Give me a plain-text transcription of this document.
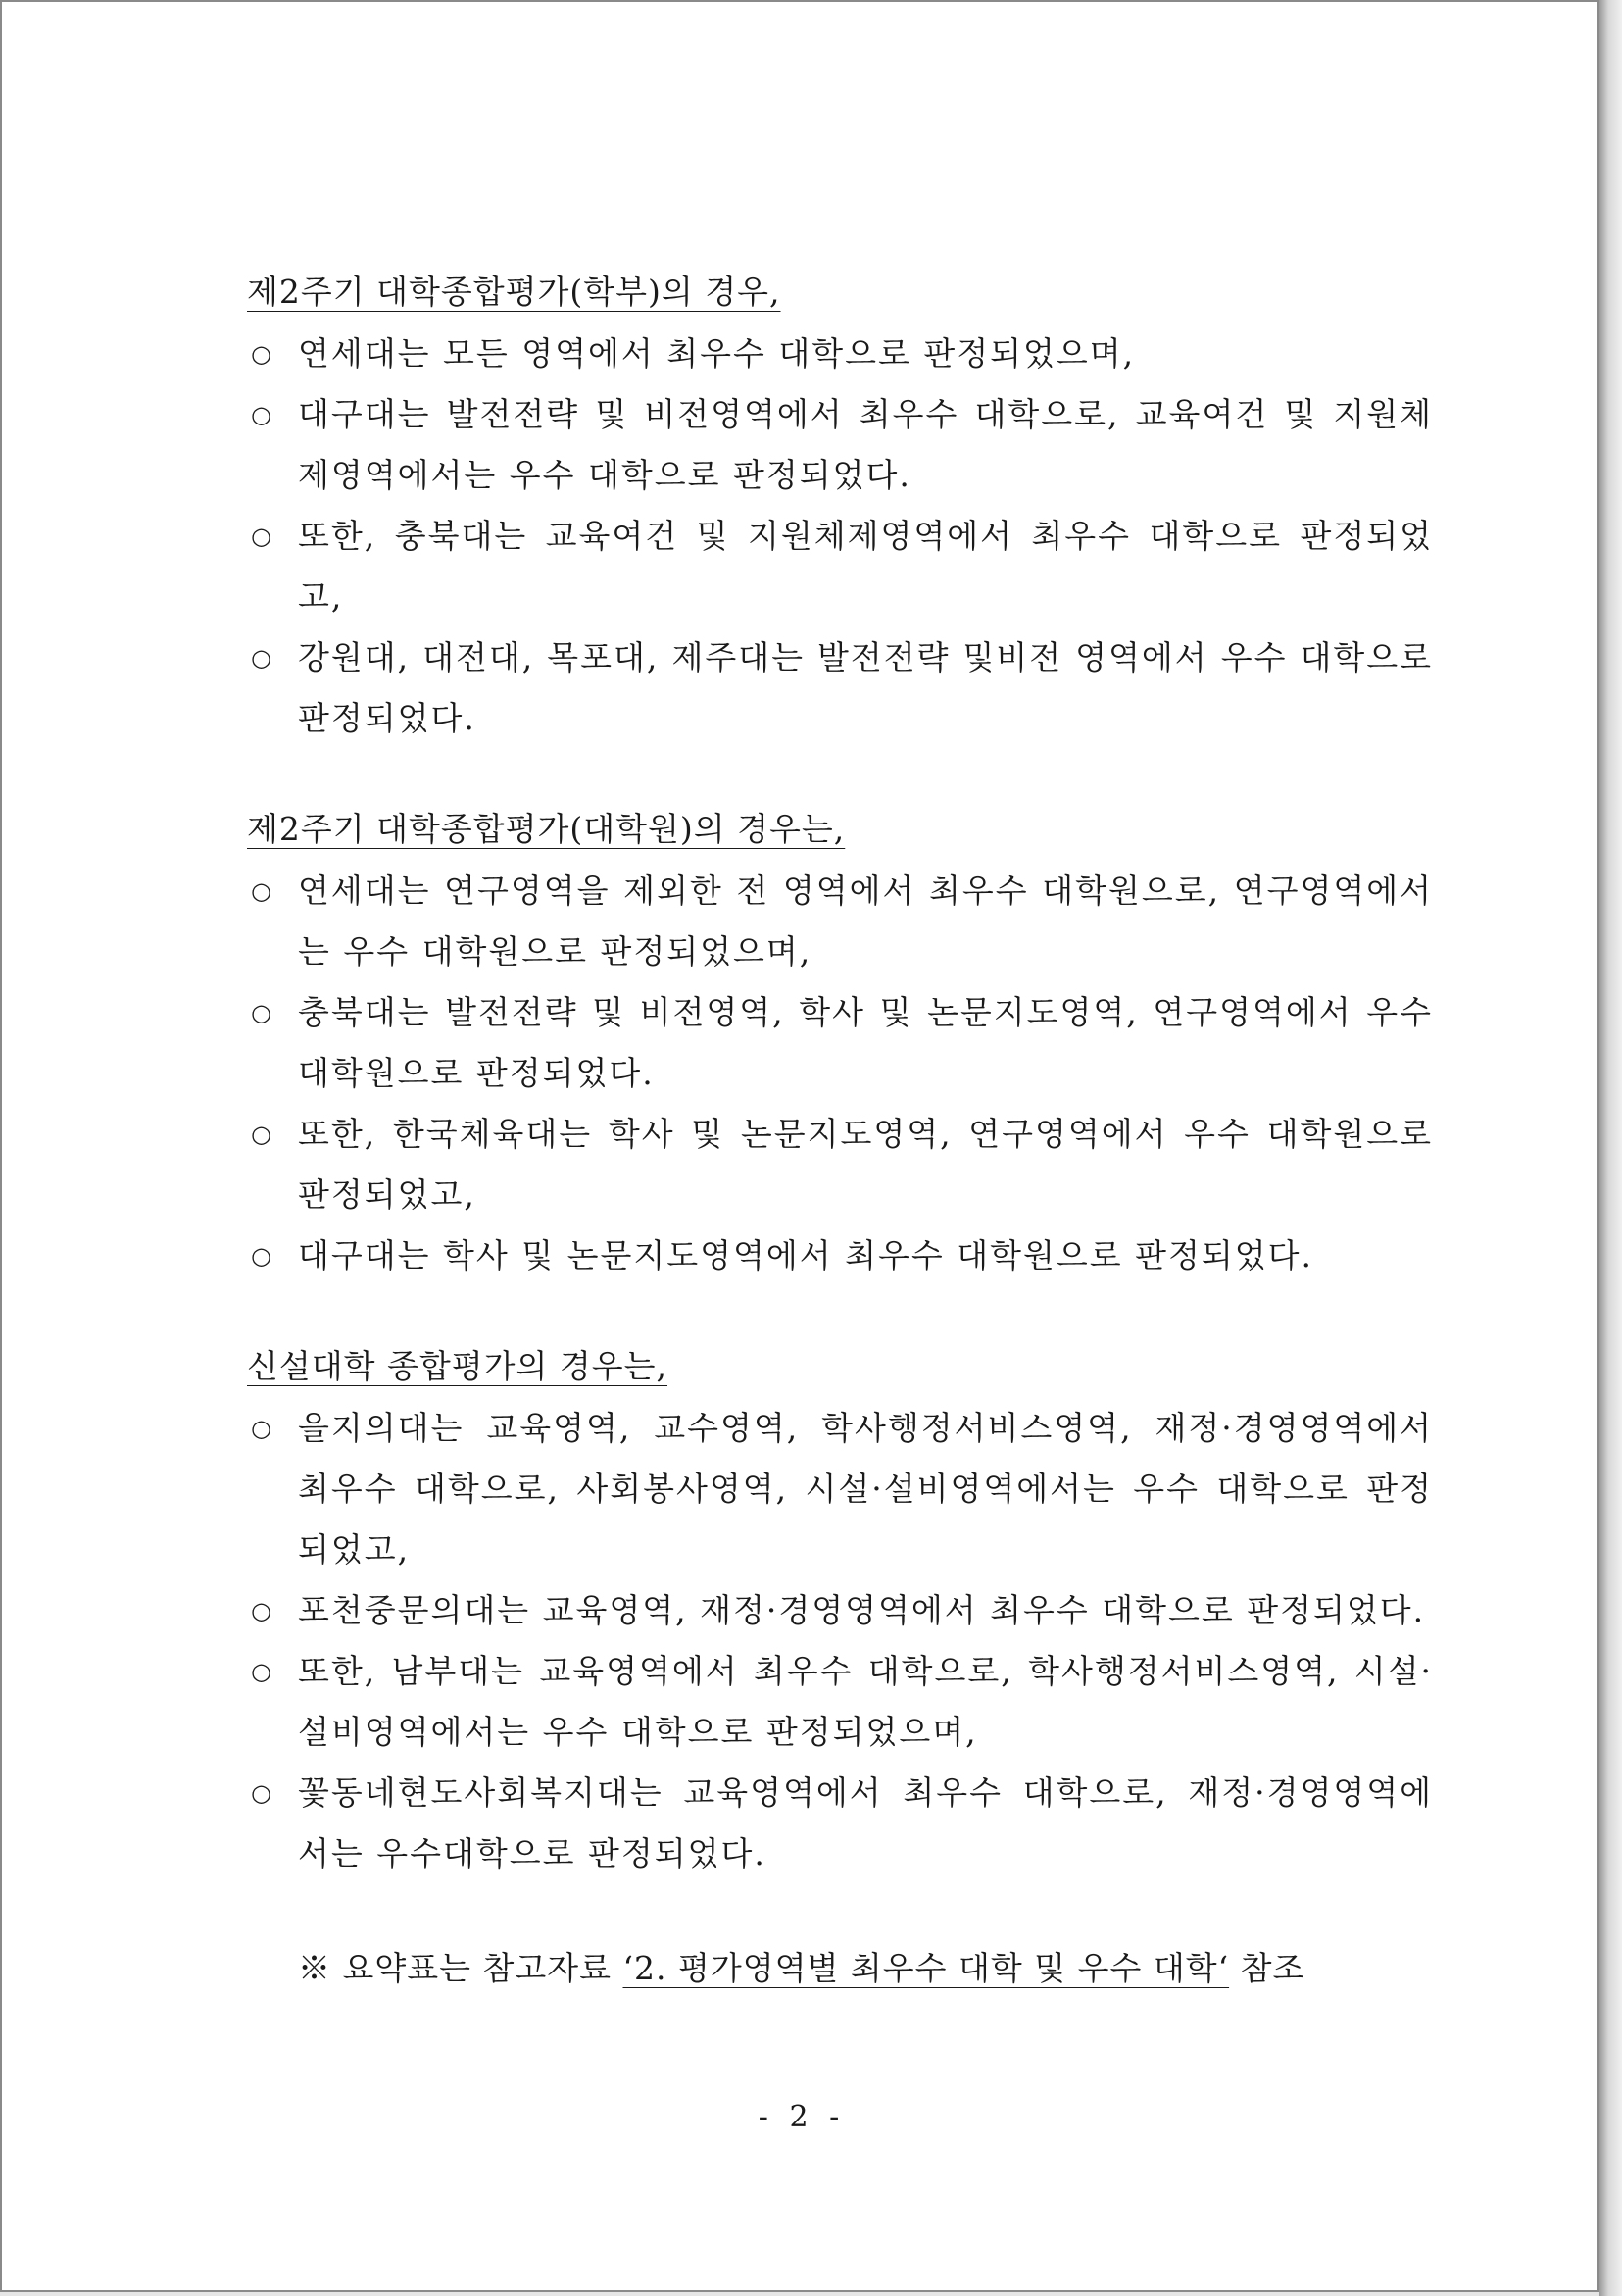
제2주기 대학종합평가(학부)의 경우,
○ 연세대는 모든 영역에서 최우수 대학으로 판정되었으며,
○ 대구대는 발전전략 및 비전영역에서 최우수 대학으로, 교육여건 및 지원체제영역에서는 우수 대학으로 판정되었다.
○ 또한, 충북대는 교육여건 및 지원체제영역에서 최우수 대학으로 판정되었고,
○ 강원대, 대전대, 목포대, 제주대는 발전전략 및비전 영역에서 우수 대학으로 판정되었다.
제2주기 대학종합평가(대학원)의 경우는,
○ 연세대는 연구영역을 제외한 전 영역에서 최우수 대학원으로, 연구영역에서는 우수 대학원으로 판정되었으며,
○ 충북대는 발전전략 및 비전영역, 학사 및 논문지도영역, 연구영역에서 우수 대학원으로 판정되었다.
○ 또한, 한국체육대는 학사 및 논문지도영역, 연구영역에서 우수 대학원으로 판정되었고,
○ 대구대는 학사 및 논문지도영역에서 최우수 대학원으로 판정되었다.
신설대학 종합평가의 경우는,
○ 을지의대는 교육영역, 교수영역, 학사행정서비스영역, 재정·경영영역에서 최우수 대학으로, 사회봉사영역, 시설·설비영역에서는 우수 대학으로 판정되었고,
○ 포천중문의대는 교육영역, 재정·경영영역에서 최우수 대학으로 판정되었다.
○ 또한, 남부대는 교육영역에서 최우수 대학으로, 학사행정서비스영역, 시설·설비영역에서는 우수 대학으로 판정되었으며,
○ 꽃동네현도사회복지대는 교육영역에서 최우수 대학으로, 재정·경영영역에서는 우수대학으로 판정되었다.
※ 요약표는 참고자료 ‘2. 평가영역별 최우수 대학 및 우수 대학‘ 참조
- 2 -
